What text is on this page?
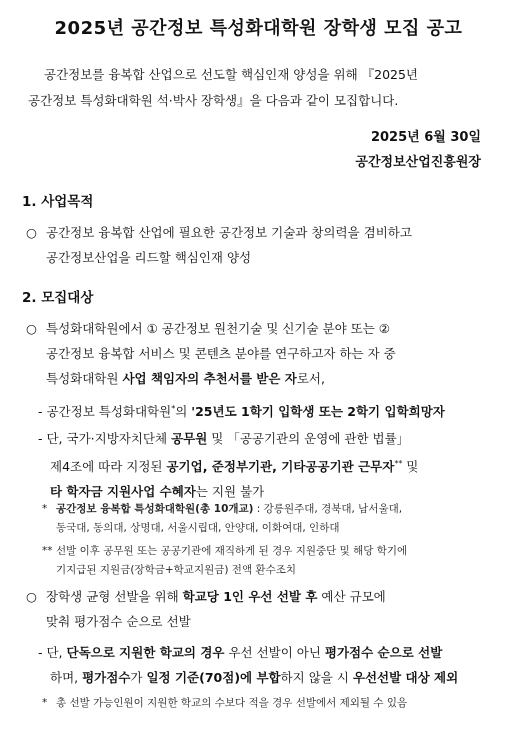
2025년 공간정보 특성화대학원 장학생 모집 공고
공간정보를 융복합 산업으로 선도할 핵심인재 양성을 위해 『2025년
공간정보 특성화대학원 석·박사 장학생』을 다음과 같이 모집합니다.
2025년 6월 30일
공간정보산업진흥원장
1. 사업목적
○ 공간정보 융복합 산업에 필요한 공간정보 기술과 창의력을 겸비하고
공간정보산업을 리드할 핵심인재 양성
2. 모집대상
○ 특성화대학원에서 ① 공간정보 원천기술 및 신기술 분야 또는 ②
공간정보 융복합 서비스 및 콘텐츠 분야를 연구하고자 하는 자 중
특성화대학원 사업 책임자의 추천서를 받은 자로서,
- 공간정보 특성화대학원*의 '25년도 1학기 입학생 또는 2학기 입학희망자
- 단, 국가·지방자치단체 공무원 및 「공공기관의 운영에 관한 법률」
제4조에 따라 지정된 공기업, 준정부기관, 기타공공기관 근무자** 및
타 학자금 지원사업 수혜자는 지원 불가
* 공간정보 융복합 특성화대학원(총 10개교) : 강릉원주대, 경북대, 남서울대,
동국대, 동의대, 상명대, 서울시립대, 안양대, 이화여대, 인하대
** 선발 이후 공무원 또는 공공기관에 재직하게 된 경우 지원중단 및 해당 학기에
기지급된 지원금(장학금+학교지원금) 전액 환수조치
○ 장학생 균형 선발을 위해 학교당 1인 우선 선발 후 예산 규모에
맞춰 평가점수 순으로 선발
- 단, 단독으로 지원한 학교의 경우 우선 선발이 아닌 평가점수 순으로 선발
하며, 평가점수가 일정 기준(70점)에 부합하지 않을 시 우선선발 대상 제외
* 총 선발 가능인원이 지원한 학교의 수보다 적을 경우 선발에서 제외될 수 있음
